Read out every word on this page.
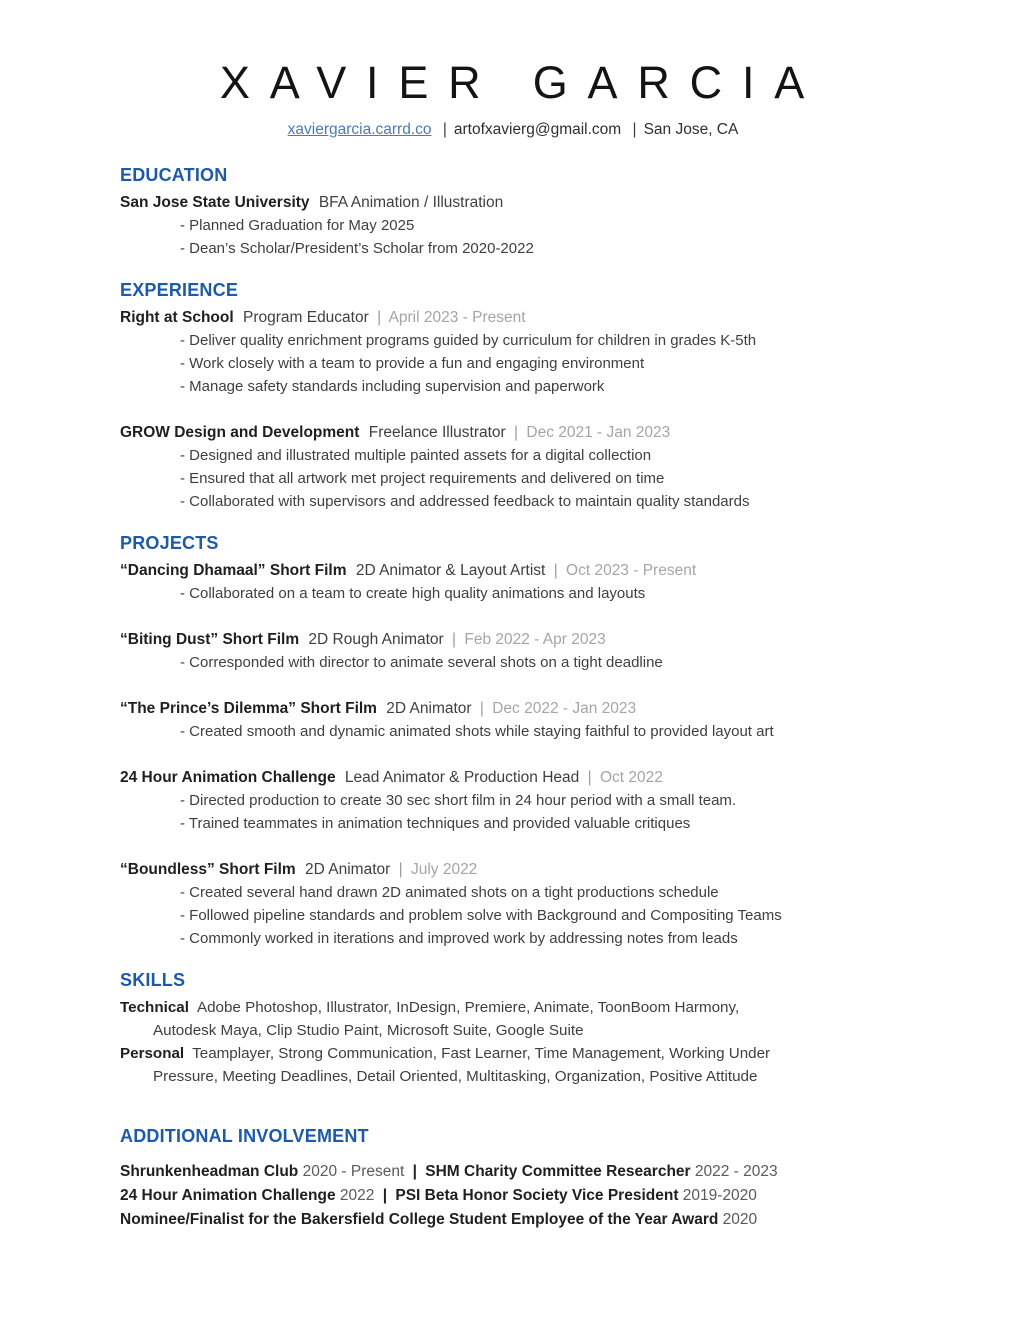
XAVIER GARCIA
xaviergarcia.carrd.co | artofxavierg@gmail.com | San Jose, CA
EDUCATION
San Jose State University BFA Animation / Illustration
- Planned Graduation for May 2025
- Dean’s Scholar/President’s Scholar from 2020-2022
EXPERIENCE
Right at School Program Educator | April 2023 - Present
- Deliver quality enrichment programs guided by curriculum for children in grades K-5th
- Work closely with a team to provide a fun and engaging environment
- Manage safety standards including supervision and paperwork
GROW Design and Development Freelance Illustrator | Dec 2021 - Jan 2023
- Designed and illustrated multiple painted assets for a digital collection
- Ensured that all artwork met project requirements and delivered on time
- Collaborated with supervisors and addressed feedback to maintain quality standards
PROJECTS
“Dancing Dhamaal” Short Film 2D Animator & Layout Artist | Oct 2023 - Present
- Collaborated on a team to create high quality animations and layouts
“Biting Dust” Short Film 2D Rough Animator | Feb 2022 - Apr 2023
- Corresponded with director to animate several shots on a tight deadline
“The Prince’s Dilemma” Short Film 2D Animator | Dec 2022 - Jan 2023
- Created smooth and dynamic animated shots while staying faithful to provided layout art
24 Hour Animation Challenge Lead Animator & Production Head | Oct 2022
- Directed production to create 30 sec short film in 24 hour period with a small team.
- Trained teammates in animation techniques and provided valuable critiques
“Boundless” Short Film 2D Animator | July 2022
- Created several hand drawn 2D animated shots on a tight productions schedule
- Followed pipeline standards and problem solve with Background and Compositing Teams
- Commonly worked in iterations and improved work by addressing notes from leads
SKILLS
Technical Adobe Photoshop, Illustrator, InDesign, Premiere, Animate, ToonBoom Harmony,
Autodesk Maya, Clip Studio Paint, Microsoft Suite, Google Suite
Personal Teamplayer, Strong Communication, Fast Learner, Time Management, Working Under
Pressure, Meeting Deadlines, Detail Oriented, Multitasking, Organization, Positive Attitude
ADDITIONAL INVOLVEMENT
Shrunkenheadman Club 2020 - Present | SHM Charity Committee Researcher 2022 - 2023
24 Hour Animation Challenge 2022 | PSI Beta Honor Society Vice President 2019-2020
Nominee/Finalist for the Bakersfield College Student Employee of the Year Award 2020
